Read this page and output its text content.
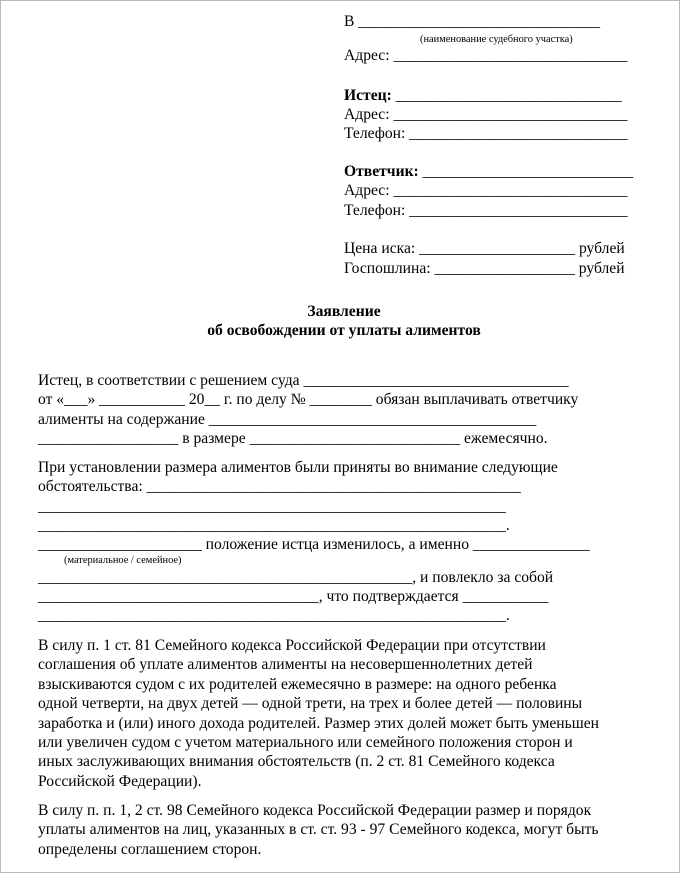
В _______________________________
(наименование судебного участка)
Адрес: ______________________________
Истец: _____________________________
Адрес: ______________________________
Телефон: ____________________________
Ответчик: ___________________________
Адрес: ______________________________
Телефон: ____________________________
Цена иска: ____________________ рублей
Госпошлина: __________________ рублей
Заявление
об освобождении от уплаты алиментов
Истец, в соответствии с решением суда __________________________________
от «___» ___________ 20__ г. по делу № ________ обязан выплачивать ответчику
алименты на содержание __________________________________________
__________________ в размере ___________________________ ежемесячно.
При установлении размера алиментов были приняты во внимание следующие
обстоятельства: ________________________________________________
____________________________________________________________
____________________________________________________________.
_____________________ положение истца изменилось, а именно _______________
(материальное / семейное)
________________________________________________, и повлекло за собой
____________________________________, что подтверждается ___________
____________________________________________________________.
В силу п. 1 ст. 81 Семейного кодекса Российской Федерации при отсутствии
соглашения об уплате алиментов алименты на несовершеннолетних детей
взыскиваются судом с их родителей ежемесячно в размере: на одного ребенка
одной четверти, на двух детей — одной трети, на трех и более детей — половины
заработка и (или) иного дохода родителей. Размер этих долей может быть уменьшен
или увеличен судом с учетом материального или семейного положения сторон и
иных заслуживающих внимания обстоятельств (п. 2 ст. 81 Семейного кодекса
Российской Федерации).
В силу п. п. 1, 2 ст. 98 Семейного кодекса Российской Федерации размер и порядок
уплаты алиментов на лиц, указанных в ст. ст. 93 - 97 Семейного кодекса, могут быть
определены соглашением сторон.
